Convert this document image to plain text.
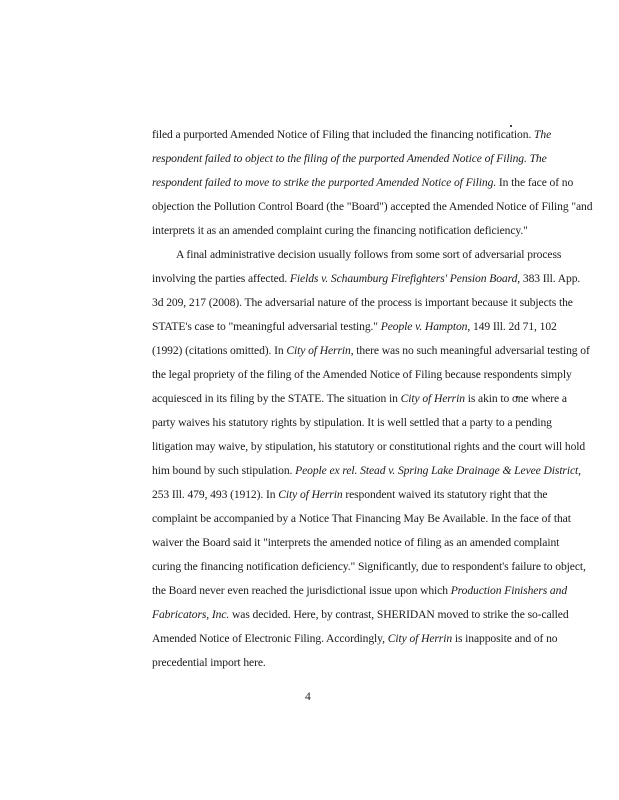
filed a purported Amended Notice of Filing that included the financing notification. The
respondent failed to object to the filing of the purported Amended Notice of Filing. The
respondent failed to move to strike the purported Amended Notice of Filing. In the face of no
objection the Pollution Control Board (the "Board") accepted the Amended Notice of Filing "and
interprets it as an amended complaint curing the financing notification deficiency."
A final administrative decision usually follows from some sort of adversarial process
involving the parties affected. Fields v. Schaumburg Firefighters' Pension Board, 383 Ill. App.
3d 209, 217 (2008). The adversarial nature of the process is important because it subjects the
STATE's case to "meaningful adversarial testing." People v. Hampton, 149 Ill. 2d 71, 102
(1992) (citations omitted). In City of Herrin, there was no such meaningful adversarial testing of
the legal propriety of the filing of the Amended Notice of Filing because respondents simply
acquiesced in its filing by the STATE. The situation in City of Herrin is akin to one where a
party waives his statutory rights by stipulation. It is well settled that a party to a pending
litigation may waive, by stipulation, his statutory or constitutional rights and the court will hold
him bound by such stipulation. People ex rel. Stead v. Spring Lake Drainage & Levee District,
253 Ill. 479, 493 (1912). In City of Herrin respondent waived its statutory right that the
complaint be accompanied by a Notice That Financing May Be Available. In the face of that
waiver the Board said it "interprets the amended notice of filing as an amended complaint
curing the financing notification deficiency." Significantly, due to respondent's failure to object,
the Board never even reached the jurisdictional issue upon which Production Finishers and
Fabricators, Inc. was decided. Here, by contrast, SHERIDAN moved to strike the so-called
Amended Notice of Electronic Filing. Accordingly, City of Herrin is inapposite and of no
precedential import here.
4
